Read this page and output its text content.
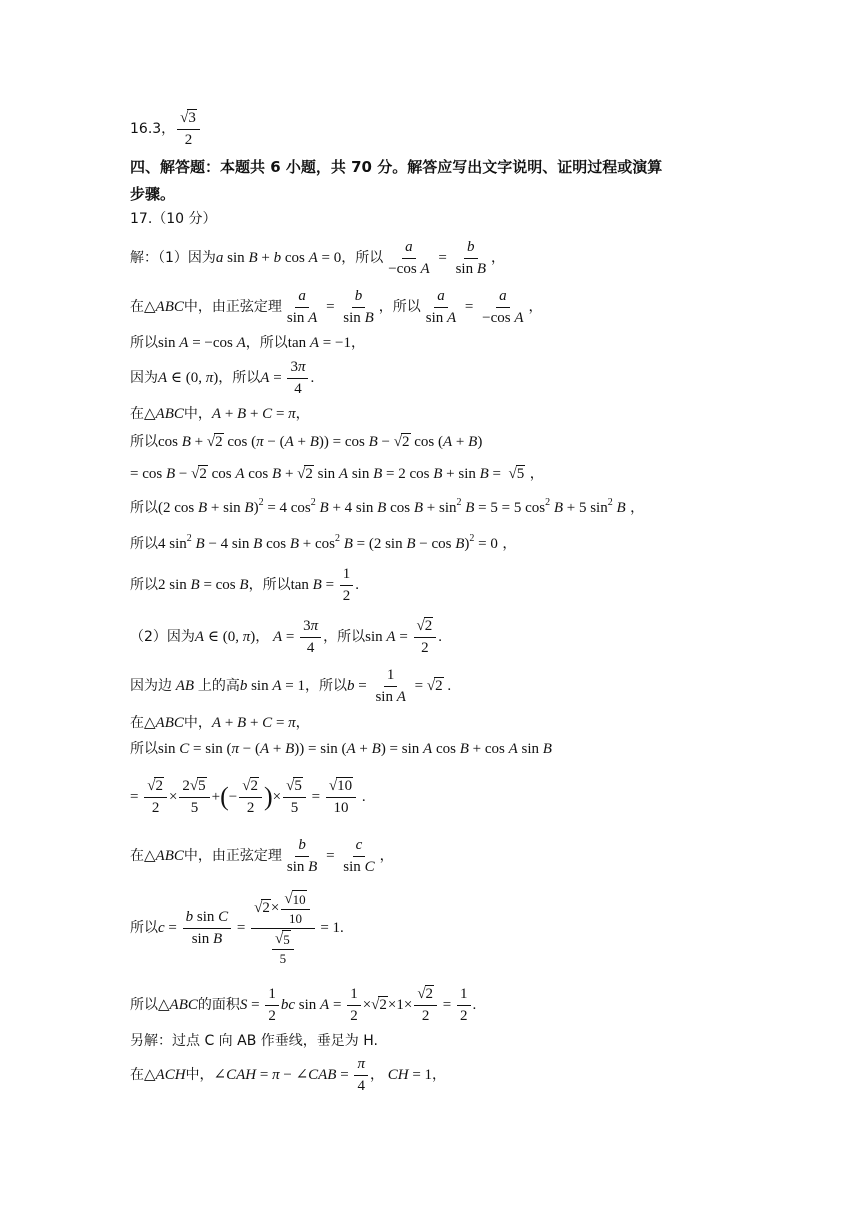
16.3， $\frac{√ 3}{2}$
四、解答题：本题共 6 小题，共 70 分。解答应写出文字说明、证明过程或演算
步骤。
17.（10 分）
解：（1）因为 a sin B + b cos A = 0 ， 所以 $\frac{a}{\text{−cos A}} = \frac{b}{\text{sin B}}$ ，
在 △ ABC 中，由正弦定理 $\frac{a}{\text{sin A}} = \frac{b}{\text{sin B}}$ ， 所以 $\frac{a}{\text{sin A}} = \frac{a}{\text{−cos A}}$ ，
所以 sin A = −cos A ， 所以 tan A = −1 ，
因为 A ∈ (0, π ) ， 所以 $A = \frac{3\pi}{4}$ .
在 △ ABC 中， A + B + C = π ，
所以 cos B + √ 2 cos ( π − ( A + B )) = cos B − √ 2 cos ( A + B )
= cos B − √ 2 cos A cos B + √ 2 sin A sin B = 2 cos B + sin B = √ 5 ，
所以 (2 cos B + sin B )$^2$ = 4 $\cos^2 B + 4$ sin B $\cos B + \sin^2 B = 5 = 5$ $\cos^2 B + 5$ $\sin^2 B$ ，
所以 4 $\sin^2 B - 4$ sin B $\cos B + \cos^2 B = (2$ sin B − cos B )$^2$ = 0 ，
所以 2 sin B = cos B ， 所以 $\tan B = \frac{1}{2}$ .
（2）因为 A ∈ (0, π ) ， $A = \frac{3\pi}{4}$ ， 所以 $\sin A = \frac{√ 2}{2}$ .
因为边 AB 上的高 b sin A = 1 ， 所以 $b = \frac{1}{\text{sin A}}$ = √ 2 .
在 △ ABC 中， A + B + C = π ，
所以 sin C = sin ( π − ( A + B )) = sin ( A + B ) = sin A cos B + cos A sin B
= $\frac{√ 2}{2} \times \frac{2 √ 5}{5}$ + ( − $\frac{√ 2}{2}$ ) × $\frac{√ 5}{5} = \frac{√ 10}{10}$ .
在 △ ABC 中，由正弦定理 $\frac{b}{\text{sin B}} = \frac{c}{\text{sin C}}$ ，
所以 $c = \frac{\text{b sin C}}{\text{sin B}} = \frac{√ 2 \times \frac{√ 10}{10}}{\frac{√ 5}{5}} = 1$.
所以 △ ABC 的面积 $S = \frac{1}{2}$ bc $\sin A = \frac{1}{2}$ × √ $2 \times 1\times \frac{√ 2}{2} = \frac{1}{2}$ .
另解：过点 C 向 AB 作垂线，垂足为 H.
在 △ ACH 中， ∠ CAH = π − ∠ CAB = $\frac{\pi}{4}$ ， CH = 1 ，
